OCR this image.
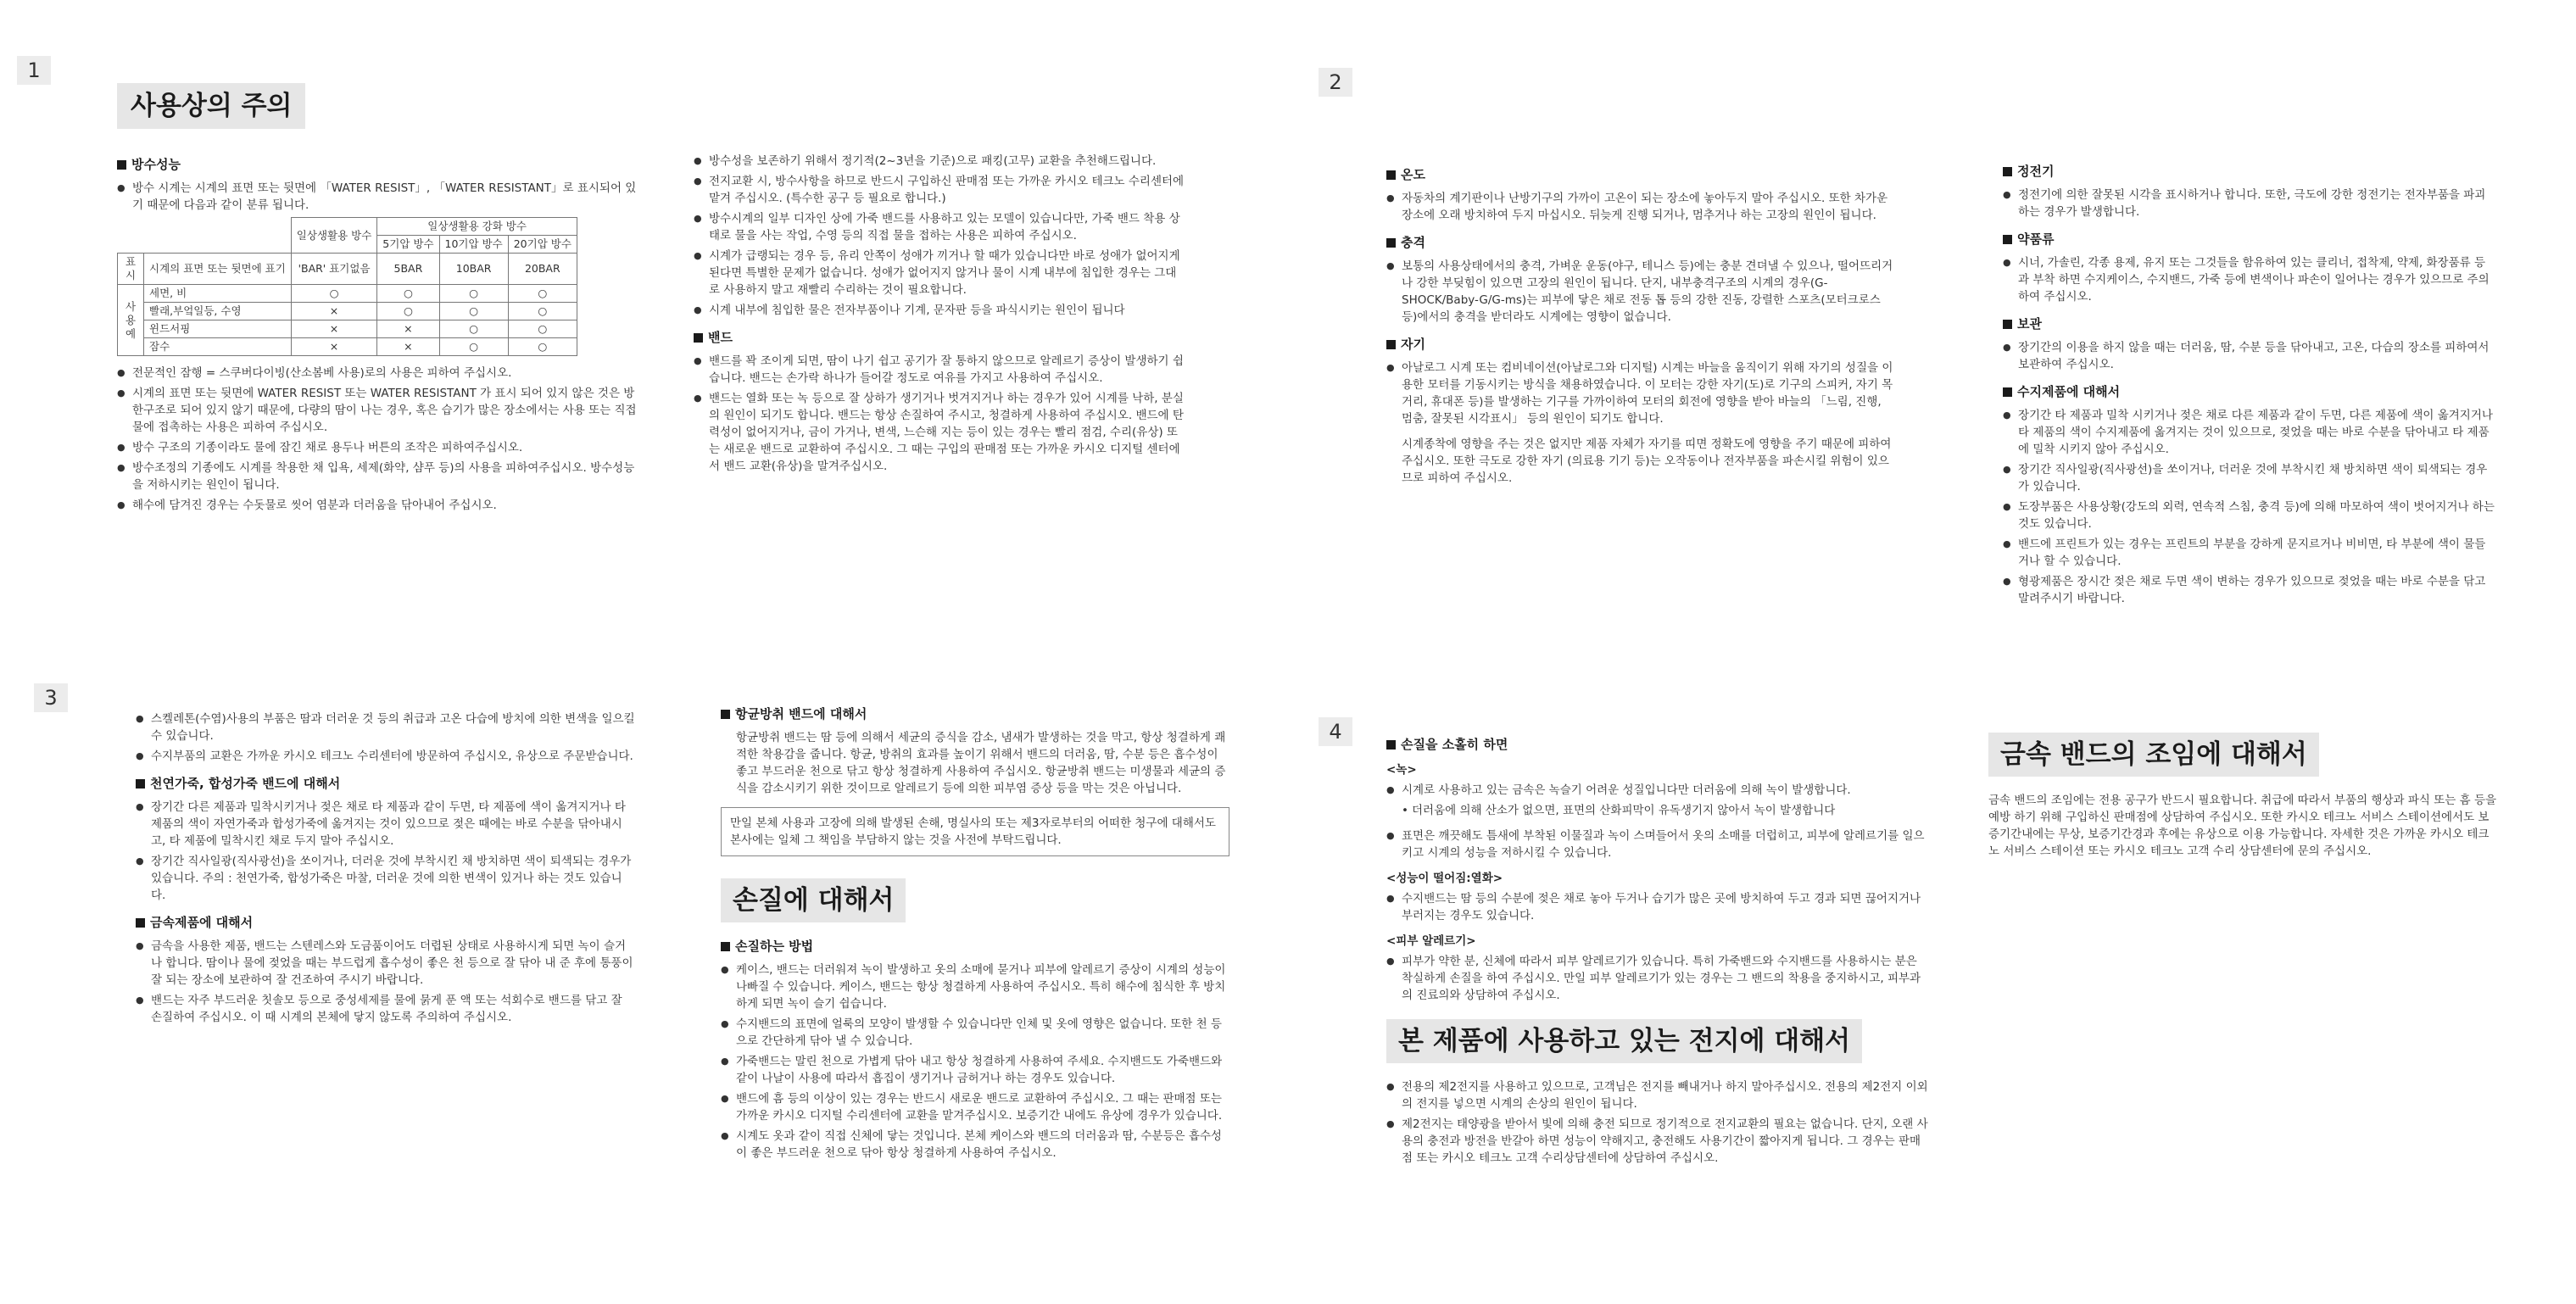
1	2
3
4
사용상의 주의
방수성능
● 방수 시계는 시계의 표면 또는 뒷면에 「WATER RESIST」, 「WATER RESISTANT」로 표시되어 있기 때문에 다음과 같이 분류 됩니다.
		일상생활용 방수	일상생활용 강화 방수		
			5기압 방수	10기압 방수	20기압 방수
표시	시계의 표면 또는 뒷면에 표기	'BAR' 표기없음	5BAR	10BAR	20BAR
사용예	세면, 비	○	○	○	○
	빨래,부엌일등, 수영	×	○	○	○
	윈드서핑	×	×	○	○
	잠수	×	×	○	○
● 전문적인 잠행 = 스쿠버다이빙(산소봄베 사용)로의 사용은 피하여 주십시오.
● 시계의 표면 또는 뒷면에 WATER RESIST 또는 WATER RESISTANT 가 표시 되어 있지 않은 것은 방한구조로 되어 있지 않기 때문에, 다량의 땀이 나는 경우, 혹은 습기가 많은 장소에서는 사용 또는 직접 물에 접촉하는 사용은 피하여 주십시오.
● 방수 구조의 기종이라도 물에 잠긴 채로 용두나 버튼의 조작은 피하여주십시오.
● 방수조정의 기종에도 시계를 착용한 채 입욕, 세제(화약, 샴푸 등)의 사용을 피하여주십시오. 방수성능을 저하시키는 원인이 됩니다.
● 해수에 담겨진 경우는 수돗물로 씻어 염분과 더러움을 닦아내어 주십시오.
● 방수성을 보존하기 위해서 정기적(2~3년을 기준)으로 패킹(고무) 교환을 추천해드립니다.
● 전지교환 시, 방수사항을 하므로 반드시 구입하신 판매점 또는 가까운 카시오 테크노 수리센터에 맡겨 주십시오. (특수한 공구 등 필요로 합니다.)
● 방수시계의 일부 디자인 상에 가죽 밴드를 사용하고 있는 모델이 있습니다만, 가죽 밴드 착용 상태로 물을 사는 작업, 수영 등의 직접 물을 접하는 사용은 피하여 주십시오.
● 시계가 급랭되는 경우 등, 유리 안쪽이 성애가 끼거나 할 때가 있습니다만 바로 성애가 없어지게 된다면 특별한 문제가 없습니다. 성애가 없어지지 않거나 물이 시계 내부에 침입한 경우는 그대로 사용하지 말고 재빨리 수리하는 것이 필요합니다.
● 시계 내부에 침입한 물은 전자부품이나 기계, 문자판 등을 파식시키는 원인이 됩니다
밴드
● 밴드를 꽉 조이게 되면, 땀이 나기 쉽고 공기가 잘 통하지 않으므로 알레르기 증상이 발생하기 쉽습니다. 밴드는 손가락 하나가 들어갈 정도로 여유를 가지고 사용하여 주십시오.
● 밴드는 열화 또는 녹 등으로 잘 상하가 생기거나 벗겨지거나 하는 경우가 있어 시계를 낙하, 분실의 원인이 되기도 합니다. 밴드는 항상 손질하여 주시고, 청결하게 사용하여 주십시오. 밴드에 탄력성이 없어지거나, 금이 가거나, 변색, 느슨해 지는 등이 있는 경우는 빨리 점검, 수리(유상) 또는 새로운 밴드로 교환하여 주십시오. 그 때는 구입의 판매점 또는 가까운 카시오 디지털 센터에서 밴드 교환(유상)을 말겨주십시오.
온도
● 자동차의 계기판이나 난방기구의 가까이 고온이 되는 장소에 놓아두지 말아 주십시오. 또한 차가운 장소에 오래 방치하여 두지 마십시오. 뒤늦게 진행 되거나, 멈추거나 하는 고장의 원인이 됩니다.
충격
● 보통의 사용상태에서의 충격, 가벼운 운동(야구, 테니스 등)에는 충분 견뎌낼 수 있으나, 떨어뜨리거나 강한 부딪힘이 있으면 고장의 원인이 됩니다. 단지, 내부충격구조의 시계의 경우(G-SHOCK/Baby-G/G-ms)는 피부에 닿은 채로 전동 톱 등의 강한 진동, 강렬한 스포츠(모터크로스 등)에서의 충격을 받더라도 시계에는 영향이 없습니다.
자기
● 아날로그 시계 또는 컴비네이션(아날로그와 디지털) 시계는 바늘을 움직이기 위해 자기의 성질을 이용한 모터를 기동시키는 방식을 채용하였습니다. 이 모터는 강한 자기(도)로 기구의 스피커, 자기 목거리, 휴대폰 등)를 발생하는 기구를 가까이하여 모터의 회전에 영향을 받아 바늘의 「느림, 진행, 멈춤, 잘못된 시각표시」 등의 원인이 되기도 합니다.

시계종착에 영향을 주는 것은 없지만 제품 자체가 자기를 띠면 정확도에 영향을 주기 때문에 피하여 주십시오. 또한 극도로 강한 자기 (의료용 기기 등)는 오작동이나 전자부품을 파손시킬 위험이 있으므로 피하여 주십시오.

정전기
● 정전기에 의한 잘못된 시각을 표시하거나 합니다. 또한, 극도에 강한 정전기는 전자부품을 파괴하는 경우가 발생합니다.
약품류
● 시너, 가솔린, 각종 용제, 유지 또는 그것들을 함유하여 있는 클리너, 접착제, 약제, 화장품류 등과 부착 하면 수지케이스, 수지밴드, 가죽 등에 변색이나 파손이 일어나는 경우가 있으므로 주의하여 주십시오.
보관
● 장기간의 이용을 하지 않을 때는 더러움, 땀, 수분 등을 닦아내고, 고온, 다습의 장소를 피하여서 보관하여 주십시오.
수지제품에 대해서
● 장기간 타 제품과 밀착 시키거나 젖은 채로 다른 제품과 같이 두면, 다른 제품에 색이 옮겨지거나 타 제품의 색이 수지제품에 옮겨지는 것이 있으므로, 젖었을 때는 바로 수분을 닦아내고 타 제품에 밀착 시키지 않아 주십시오.
● 장기간 직사일광(직사광선)을 쏘이거나, 더러운 것에 부착시킨 채 방치하면 색이 퇴색되는 경우가 있습니다.
● 도장부품은 사용상황(강도의 외력, 연속적 스침, 충격 등)에 의해 마모하여 색이 벗어지거나 하는 것도 있습니다.
● 밴드에 프린트가 있는 경우는 프린트의 부분을 강하게 문지르거나 비비면, 타 부분에 색이 물들거나 할 수 있습니다.
● 형광제품은 장시간 젖은 채로 두면 색이 변하는 경우가 있으므로 젖었을 때는 바로 수분을 닦고 말려주시기 바랍니다.
● 스켈레톤(수염)사용의 부품은 땀과 더러운 것 등의 취급과 고온 다습에 방치에 의한 변색을 일으킬 수 있습니다.
● 수지부품의 교환은 가까운 카시오 테크노 수리센터에 방문하여 주십시오, 유상으로 주문받습니다.
천연가죽, 합성가죽 밴드에 대해서
● 장기간 다른 제품과 밀착시키거나 젖은 채로 타 제품과 같이 두면, 타 제품에 색이 옮겨지거나 타 제품의 색이 자연가죽과 합성가죽에 옮겨지는 것이 있으므로 젖은 때에는 바로 수분을 닦아내시고, 타 제품에 밀착시킨 채로 두지 말아 주십시오.
● 장기간 직사일광(직사광선)을 쏘이거나, 더러운 것에 부착시킨 채 방치하면 색이 퇴색되는 경우가 있습니다. 주의 : 천연가죽, 합성가죽은 마찰, 더러운 것에 의한 변색이 있거나 하는 것도 있습니다.
금속제품에 대해서
● 금속을 사용한 제품, 밴드는 스텐레스와 도금품이어도 더렵된 상태로 사용하시게 되면 녹이 슬거나 합니다. 땀이나 물에 젖었을 때는 부드럽게 흡수성이 좋은 천 등으로 잘 닦아 내 준 후에 통풍이 잘 되는 장소에 보관하여 잘 건조하여 주시기 바랍니다.
● 밴드는 자주 부드러운 칫솔모 등으로 중성세제를 물에 묽게 푼 액 또는 석회수로 밴드를 닦고 잘 손질하여 주십시오. 이 때 시계의 본체에 닿지 않도록 주의하여 주십시오.
항균방취 밴드에 대해서

항균방취 밴드는 땀 등에 의해서 세균의 증식을 감소, 냄새가 발생하는 것을 막고, 항상 청결하게 쾌적한 착용감을 줍니다. 항균, 방취의 효과를 높이기 위해서 밴드의 더러움, 땀, 수분 등은 흡수성이 좋고 부드러운 천으로 닦고 항상 청결하게 사용하여 주십시오. 항균방취 밴드는 미생물과 세균의 증식을 감소시키기 위한 것이므로 알레르기 등에 의한 피부염 증상 등을 막는 것은 아닙니다.

만일 본체 사용과 고장에 의해 발생된 손해, 명실사의 또는 제3자로부터의 어떠한 청구에 대해서도 본사에는 일체 그 책임을 부담하지 않는 것을 사전에 부탁드립니다.
손질에 대해서
손질하는 방법
● 케이스, 밴드는 더러워져 녹이 발생하고 옷의 소매에 묻거나 피부에 알레르기 증상이 시계의 성능이 나빠질 수 있습니다. 케이스, 밴드는 항상 청결하게 사용하여 주십시오. 특히 해수에 침식한 후 방치하게 되면 녹이 슬기 쉽습니다.
● 수지밴드의 표면에 얼룩의 모양이 발생할 수 있습니다만 인체 및 옷에 영향은 없습니다. 또한 천 등으로 간단하게 닦아 낼 수 있습니다.
● 가죽밴드는 말린 천으로 가볍게 닦아 내고 항상 청결하게 사용하여 주세요. 수지밴드도 가죽밴드와 같이 나날이 사용에 따라서 흡집이 생기거나 금허거나 하는 경우도 있습니다.
● 밴드에 흠 등의 이상이 있는 경우는 반드시 새로운 밴드로 교환하여 주십시오. 그 때는 판매점 또는 가까운 카시오 디지털 수리센터에 교환을 맡겨주십시오. 보증기간 내에도 유상에 경우가 있습니다.
● 시계도 옷과 같이 직접 신체에 닿는 것입니다. 본체 케이스와 밴드의 더러움과 땀, 수분등은 흡수성이 좋은 부드러운 천으로 닦아 항상 청결하게 사용하여 주십시오.
손질을 소홀히 하면
<녹>
● 시계로 사용하고 있는 금속은 녹슬기 어려운 성질입니다만 더러움에 의해 녹이 발생합니다.
• 더러움에 의해 산소가 없으면, 표면의 산화피막이 유독생기지 않아서 녹이 발생합니다
● 표면은 깨끗해도 틈새에 부착된 이물질과 녹이 스며들어서 옷의 소매를 더럽히고, 피부에 알레르기를 일으키고 시계의 성능을 저하시킬 수 있습니다.
<성능이 떨어짐:열화>
● 수지밴드는 땀 등의 수분에 젖은 채로 놓아 두거나 습기가 많은 곳에 방치하여 두고 경과 되면 끊어지거나 부러지는 경우도 있습니다.
<피부 알레르기>
● 피부가 약한 분, 신체에 따라서 피부 알레르기가 있습니다. 특히 가죽밴드와 수지밴드를 사용하시는 분은 착실하게 손질을 하여 주십시오. 만일 피부 알레르기가 있는 경우는 그 밴드의 착용을 중지하시고, 피부과의 진료의와 상담하여 주십시오.
본 제품에 사용하고 있는 전지에 대해서
● 전용의 제2전지를 사용하고 있으므로, 고객님은 전지를 빼내거나 하지 말아주십시오. 전용의 제2전지 이외의 전지를 넣으면 시계의 손상의 원인이 됩니다.
● 제2전지는 태양광을 받아서 빛에 의해 충전 되므로 정기적으로 전지교환의 필요는 없습니다. 단지, 오랜 사용의 충전과 방전을 반갈아 하면 성능이 약해지고, 충전해도 사용기간이 짧아지게 됩니다. 그 경우는 판매점 또는 카시오 테크노 고객 수리상담센터에 상담하여 주십시오.
금속 밴드의 조임에 대해서

금속 밴드의 조임에는 전용 공구가 반드시 필요합니다. 취급에 따라서 부품의 행상과 파식 또는 흠 등을 예방 하기 위해 구입하신 판매점에 상담하여 주십시오. 또한 카시오 테크노 서비스 스테이션에서도 보증기간내에는 무상, 보증기간경과 후에는 유상으로 이용 가능합니다. 자세한 것은 가까운 카시오 테크노 서비스 스테이션 또는 카시오 테크노 고객 수리 상담센터에 문의 주십시오.
